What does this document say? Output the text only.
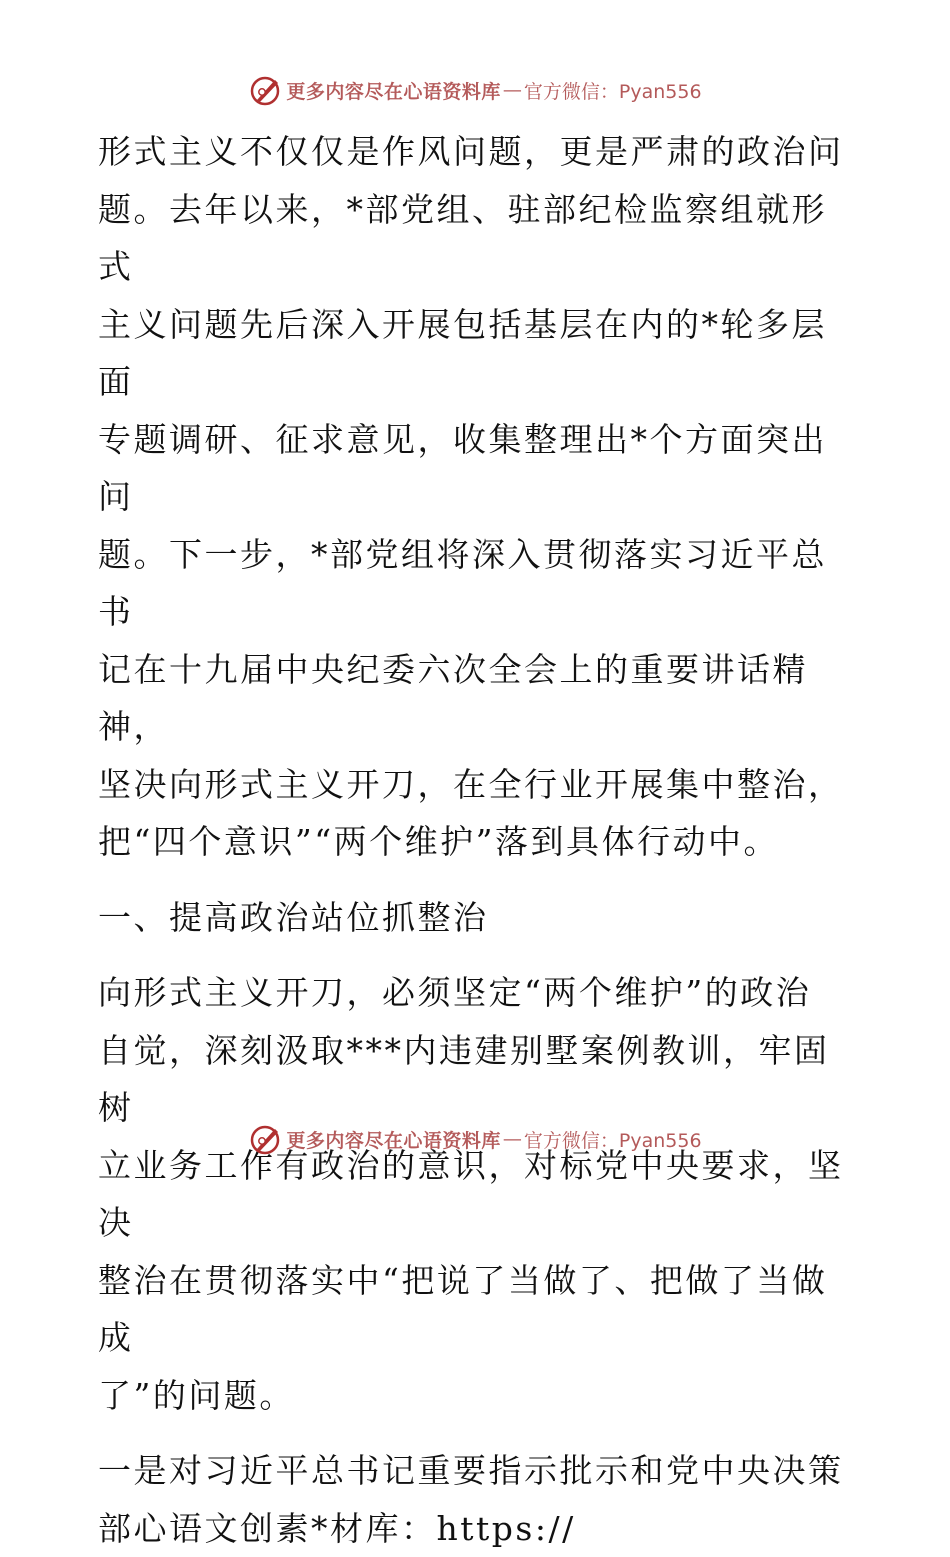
更多内容尽在心语资料库 — 官方微信：Pyan556

形式主义不仅仅是作风问题，更是严肃的政治问
题。去年以来，*部党组、驻部纪检监察组就形式
主义问题先后深入开展包括基层在内的*轮多层面
专题调研、征求意见，收集整理出*个方面突出问
题。下一步，*部党组将深入贯彻落实习近平总书
记在十九届中央纪委六次全会上的重要讲话精神，
坚决向形式主义开刀，在全行业开展集中整治，
把“四个意识”“两个维护”落到具体行动中。

一、提高政治站位抓整治

向形式主义开刀，必须坚定“两个维护”的政治
自觉，深刻汲取***内违建别墅案例教训，牢固树
立业务工作有政治的意识，对标党中央要求，坚决
整治在贯彻落实中“把说了当做了、把做了当做成
了”的问题。

一是对习近平总书记重要指示批示和党中央决策
部心语文创素*材库：https://

更多内容尽在心语资料库 — 官方微信：Pyan556
